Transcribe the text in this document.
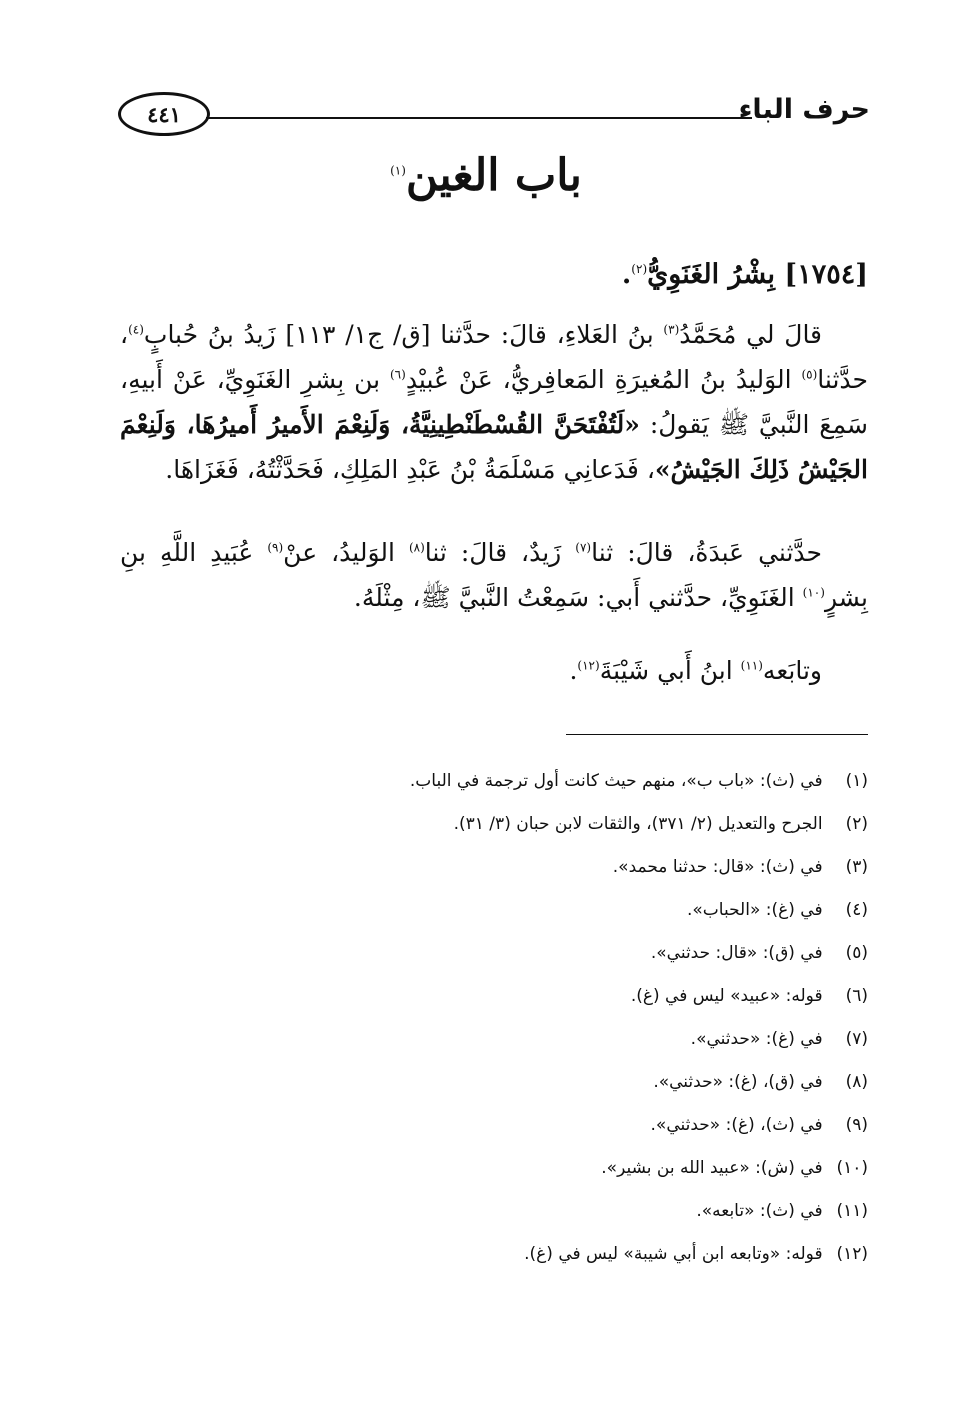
٤٤١	حرف الباء
باب الغين$^{(١)}$
[١٧٥٤] بِشْرُ الغَنَوِيُّ$^{(٢)}$.

قالَ لي مُحَمَّدُ$^{(٣)}$ بنُ العَلاءِ، قالَ: حدَّثنا [ق/ ج١/ ١١٣] زَيدُ بنُ حُبابٍ$^{(٤)}$، حدَّثنا$^{(٥)}$ الوَليدُ بنُ المُغيرَةِ المَعافِريُّ، عَنْ عُبيْدٍ$^{(٦)}$ بن بِشرِ الغَنَوِيِّ، عَنْ أَبيهِ، سَمِعَ النَّبيَّ ﷺ يَقولُ: «لَتُفْتَحَنَّ القُسْطَنْطِينِيَّةُ، وَلَنِعْمَ الأَميرُ أَميرُهَا، وَلَنِعْمَ الجَيْشُ ذَلِكَ الجَيْشُ»، فَدَعانِي مَسْلَمَةُ بْنُ عَبْدِ المَلِكِ، فَحَدَّثْتُهُ، فَغَزَاهَا.

حدَّثني عَبدَةُ، قالَ: ثنا$^{(٧)}$ زَيدٌ، قالَ: ثنا$^{(٨)}$ الوَليدُ، عنْ$^{(٩)}$ عُبَيدِ اللَّهِ بنِ بِشرٍ$^{(١٠)}$ الغَنَوِيِّ، حدَّثني أَبي: سَمِعْتُ النَّبيَّ ﷺ، مِثْلَهُ.

وتابَعه$^{(١١)}$ ابنُ أَبي شَيْبَةَ$^{(١٢)}$.

(١) في (ث): «باب ب»، منهم حيث كانت أول ترجمة في الباب.
(٢) الجرح والتعديل (٢/ ٣٧١)، والثقات لابن حبان (٣/ ٣١).
(٣) في (ث): «قال: حدثنا محمد».
(٤) في (غ): «الحباب».
(٥) في (ق): «قال: حدثني».
(٦) قوله: «عبيد» ليس في (غ).
(٧) في (غ): «حدثني».
(٨) في (ق)، (غ): «حدثني».
(٩) في (ث)، (غ): «حدثني».
(١٠) في (ش): «عبيد الله بن بشير».
(١١) في (ث): «تابعه».
(١٢) قوله: «وتابعه ابن أبي شيبة» ليس في (غ).
